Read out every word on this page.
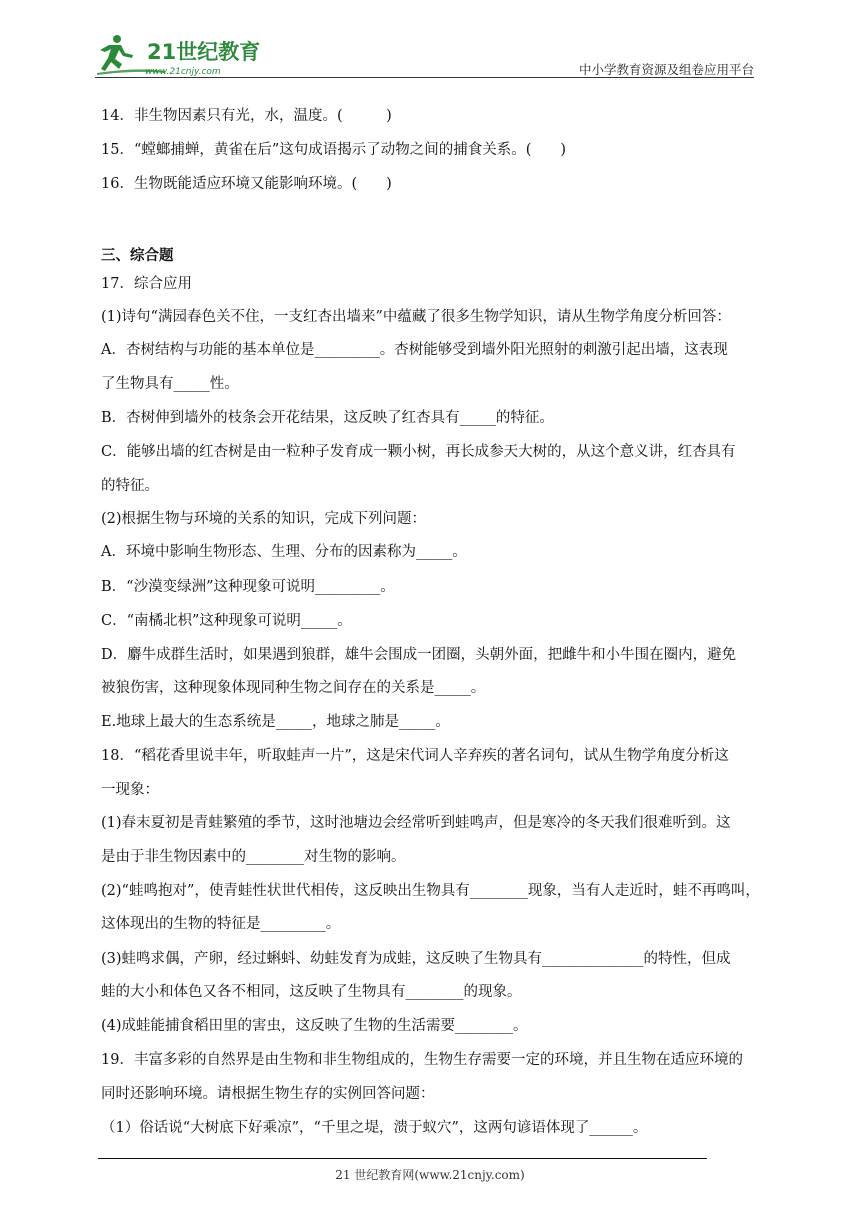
21世纪教育
www.21cnjy.com	中小学教育资源及组卷应用平台
14．非生物因素只有光，水，温度。(　　　)
15．“螳螂捕蝉，黄雀在后”这句成语揭示了动物之间的捕食关系。(　　)
16．生物既能适应环境又能影响环境。(　　)
三、综合题
17．综合应用
(1)诗句“满园春色关不住，一支红杏出墙来”中蕴藏了很多生物学知识，请从生物学角度分析回答：
A．杏树结构与功能的基本单位是_________。杏树能够受到墙外阳光照射的刺激引起出墙，这表现
了生物具有_____性。
B．杏树伸到墙外的枝条会开花结果，这反映了红杏具有_____的特征。
C．能够出墙的红杏树是由一粒种子发育成一颗小树，再长成参天大树的，从这个意义讲，红杏具有
的特征。
(2)根据生物与环境的关系的知识，完成下列问题：
A．环境中影响生物形态、生理、分布的因素称为_____。
B．“沙漠变绿洲”这种现象可说明_________。
C．“南橘北枳”这种现象可说明_____。
D．麝牛成群生活时，如果遇到狼群，雄牛会围成一团圈，头朝外面，把雌牛和小牛围在圈内，避免
被狼伤害，这种现象体现同种生物之间存在的关系是_____。
E.地球上最大的生态系统是_____，地球之肺是_____。
18．“稻花香里说丰年，听取蛙声一片”，这是宋代词人辛弃疾的著名词句，试从生物学角度分析这
一现象：
(1)春末夏初是青蛙繁殖的季节，这时池塘边会经常听到蛙鸣声，但是寒冷的冬天我们很难听到。这
是由于非生物因素中的________对生物的影响。
(2)“蛙鸣抱对”，使青蛙性状世代相传，这反映出生物具有________现象，当有人走近时，蛙不再鸣叫，
这体现出的生物的特征是_________。
(3)蛙鸣求偶，产卵，经过蝌蚪、幼蛙发育为成蛙，这反映了生物具有______________的特性，但成
蛙的大小和体色又各不相同，这反映了生物具有________的现象。
(4)成蛙能捕食稻田里的害虫，这反映了生物的生活需要________。
19．丰富多彩的自然界是由生物和非生物组成的，生物生存需要一定的环境，并且生物在适应环境的
同时还影响环境。请根据生物生存的实例回答问题：
（1）俗话说“大树底下好乘凉”，“千里之堤，溃于蚁穴”，这两句谚语体现了______。
21 世纪教育网(www.21cnjy.com)
